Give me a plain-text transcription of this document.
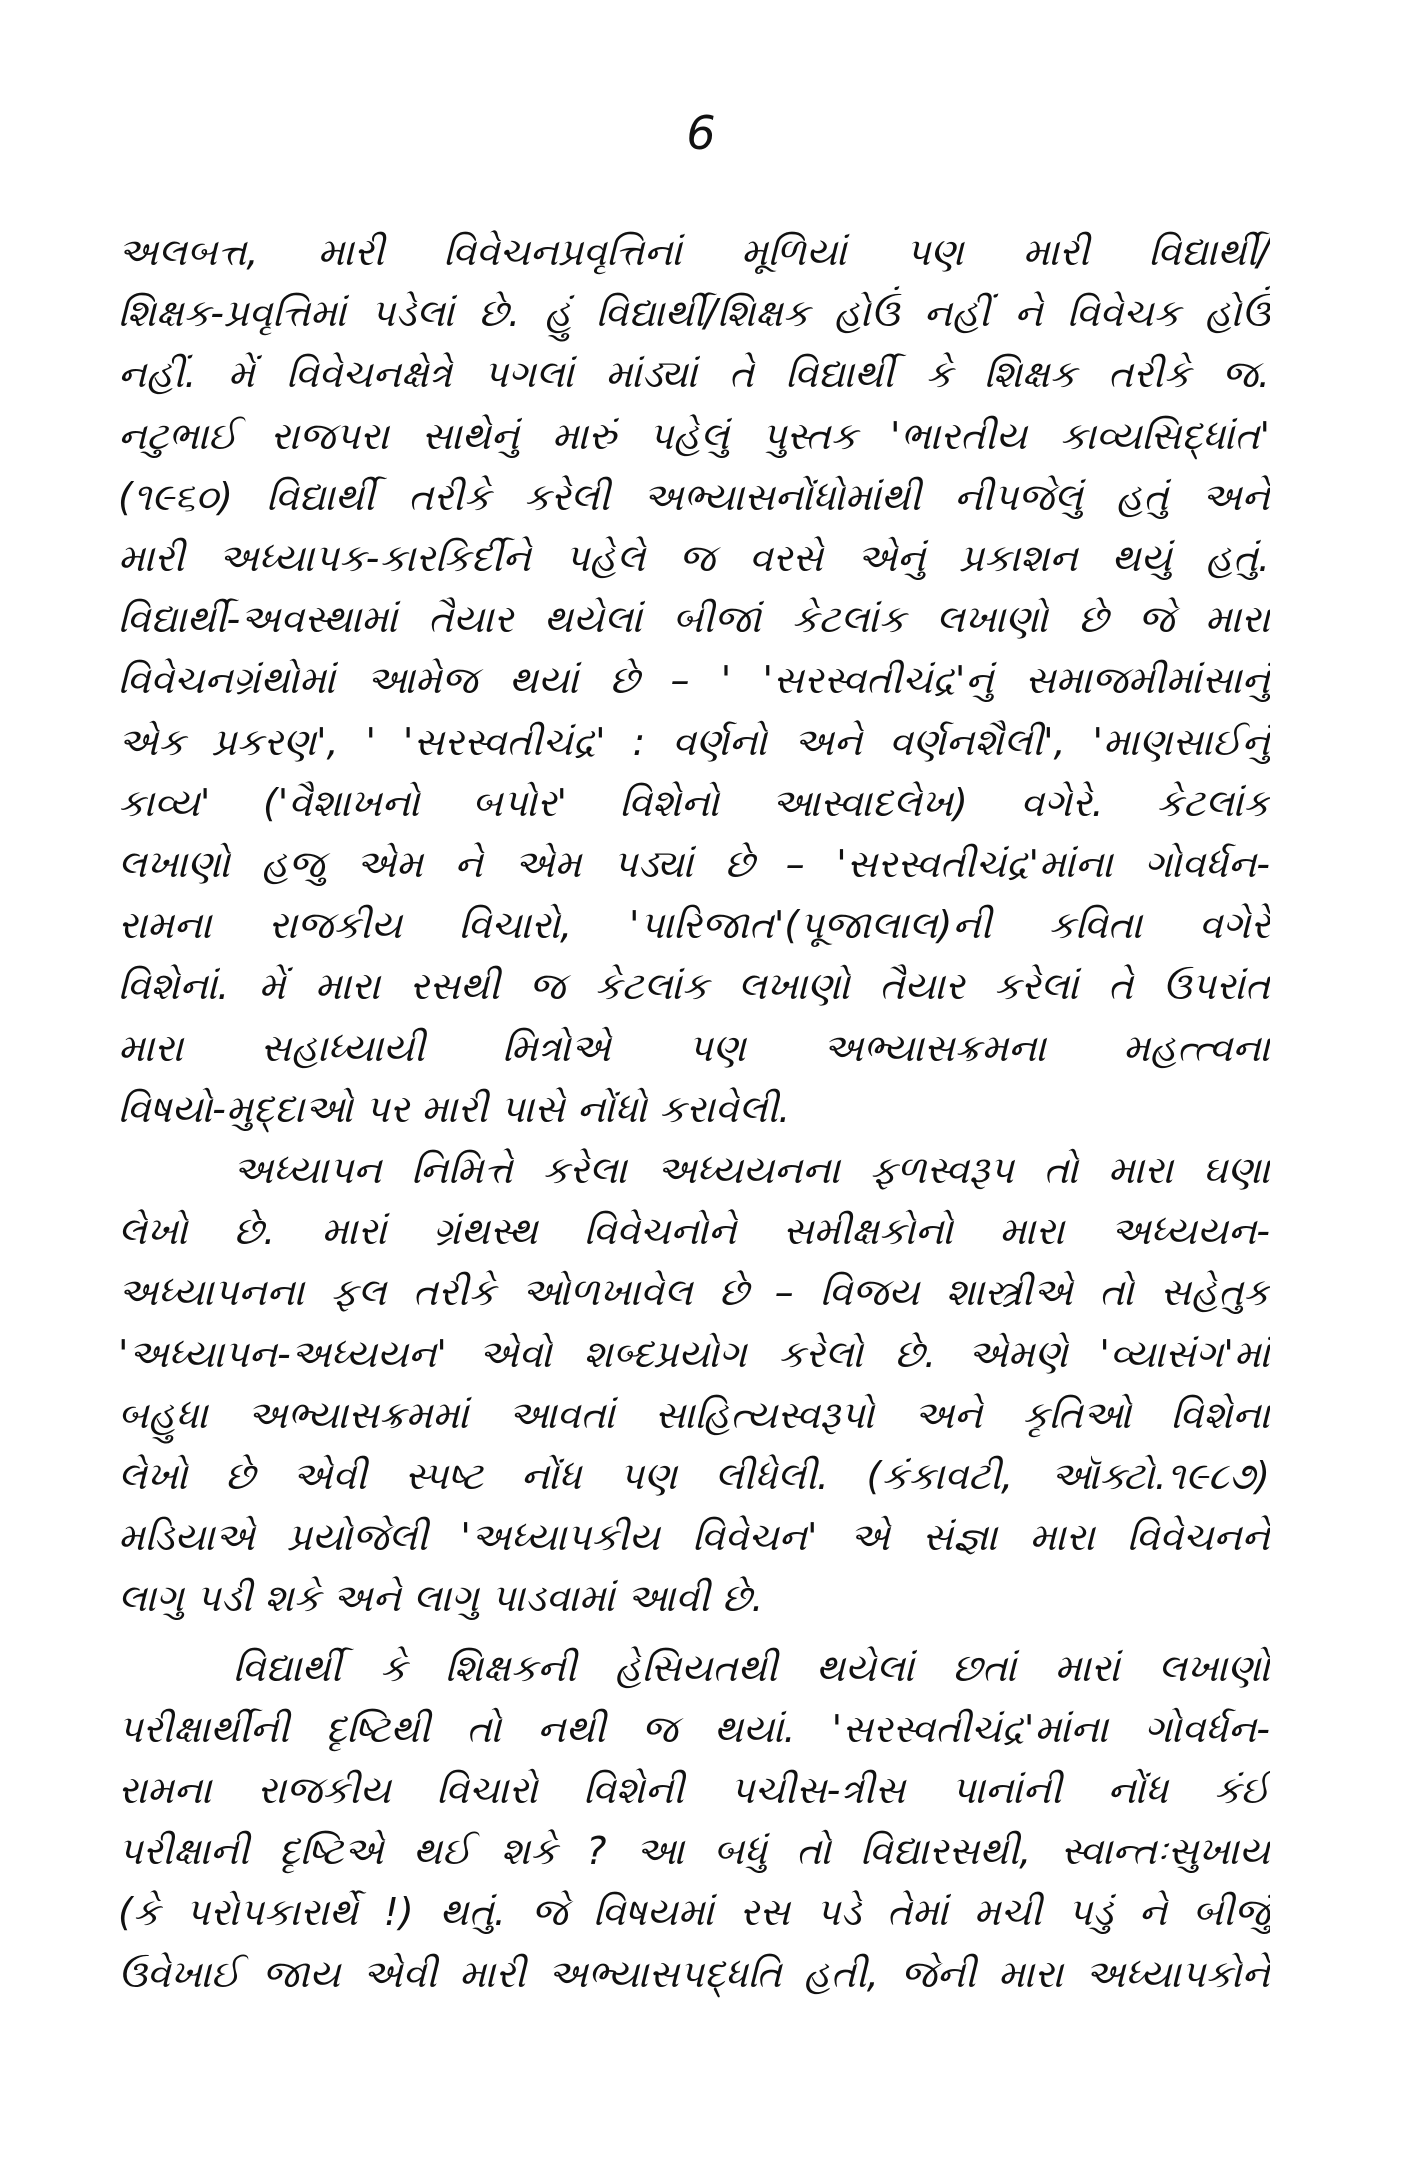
6
અલબત્ત, મારી વિવેચનપ્રવૃત્તિનાં મૂળિયાં પણ મારી વિદ્યાર્થી/
શિક્ષક-પ્રવૃત્તિમાં પડેલાં છે. હું વિદ્યાર્થી/શિક્ષક હોઉં નહીં ને વિવેચક હોઉં
નહીં. મેં વિવેચનક્ષેત્રે પગલાં માંડ્યાં તે વિદ્યાર્થી કે શિક્ષક તરીકે જ.
નટુભાઈ રાજપરા સાથેનું મારું પહેલું પુસ્તક 'ભારતીય કાવ્યસિદ્ધાંત'
(૧૯૬૦) વિદ્યાર્થી તરીકે કરેલી અભ્યાસનોંધોમાંથી નીપજેલું હતું અને
મારી અધ્યાપક-કારકિર્દીને પહેલે જ વરસે એનું પ્રકાશન થયું હતું.
વિદ્યાર્થી-અવસ્થામાં તૈયાર થયેલાં બીજાં કેટલાંક લખાણો છે જે મારા
વિવેચનગ્રંથોમાં આમેજ થયાં છે – ' 'સરસ્વતીચંદ્ર'નું સમાજમીમાંસાનું
એક પ્રકરણ', ' 'સરસ્વતીચંદ્ર' : વર્ણનો અને વર્ણનશૈલી', 'માણસાઈનું
કાવ્ય' ('વૈશાખનો બપોર' વિશેનો આસ્વાદલેખ) વગેરે. કેટલાંક
લખાણો હજુ એમ ને એમ પડ્યાં છે – 'સરસ્વતીચંદ્ર'માંના ગોવર્ધન-
રામના રાજકીય વિચારો, 'પારિજાત'(પૂજાલાલ)ની કવિતા વગેરે
વિશેનાં. મેં મારા રસથી જ કેટલાંક લખાણો તૈયાર કરેલાં તે ઉપરાંત
મારા સહાધ્યાયી મિત્રોએ પણ અભ્યાસક્રમના મહત્ત્વના
વિષયો-મુદ્દાઓ પર મારી પાસે નોંધો કરાવેલી.
અધ્યાપન નિમિત્તે કરેલા અધ્યયનના ફળસ્વરૂપ તો મારા ઘણા
લેખો છે. મારાં ગ્રંથસ્થ વિવેચનોને સમીક્ષકોનો મારા અધ્યયન-
અધ્યાપનના ફલ તરીકે ઓળખાવેલ છે – વિજય શાસ્ત્રીએ તો સહેતુક
'અધ્યાપન-અધ્યયન' એવો શબ્દપ્રયોગ કરેલો છે. એમણે 'વ્યાસંગ'માં
બહુધા અભ્યાસક્રમમાં આવતાં સાહિત્યસ્વરૂપો અને કૃતિઓ વિશેના
લેખો છે એવી સ્પષ્ટ નોંધ પણ લીધેલી. (કંકાવટી, ઑક્ટો.૧૯૮૭)
મડિયાએ પ્રયોજેલી 'અધ્યાપકીય વિવેચન' એ સંજ્ઞા મારા વિવેચનને
લાગુ પડી શકે અને લાગુ પાડવામાં આવી છે.
વિદ્યાર્થી કે શિક્ષકની હેસિયતથી થયેલાં છતાં મારાં લખાણો
પરીક્ષાર્થીની દૃષ્ટિથી તો નથી જ થયાં. 'સરસ્વતીચંદ્ર'માંના ગોવર્ધન-
રામના રાજકીય વિચારો વિશેની પચીસ-ત્રીસ પાનાંની નોંધ કંઈ
પરીક્ષાની દૃષ્ટિએ થઈ શકે ? આ બધું તો વિદ્યારસથી, સ્વાન્તઃસુખાય
(કે પરોપકારાર્થે !) થતું. જે વિષયમાં રસ પડે તેમાં મચી પડું ને બીજું
ઉવેખાઈ જાય એવી મારી અભ્યાસપદ્ધતિ હતી, જેની મારા અધ્યાપકોને
